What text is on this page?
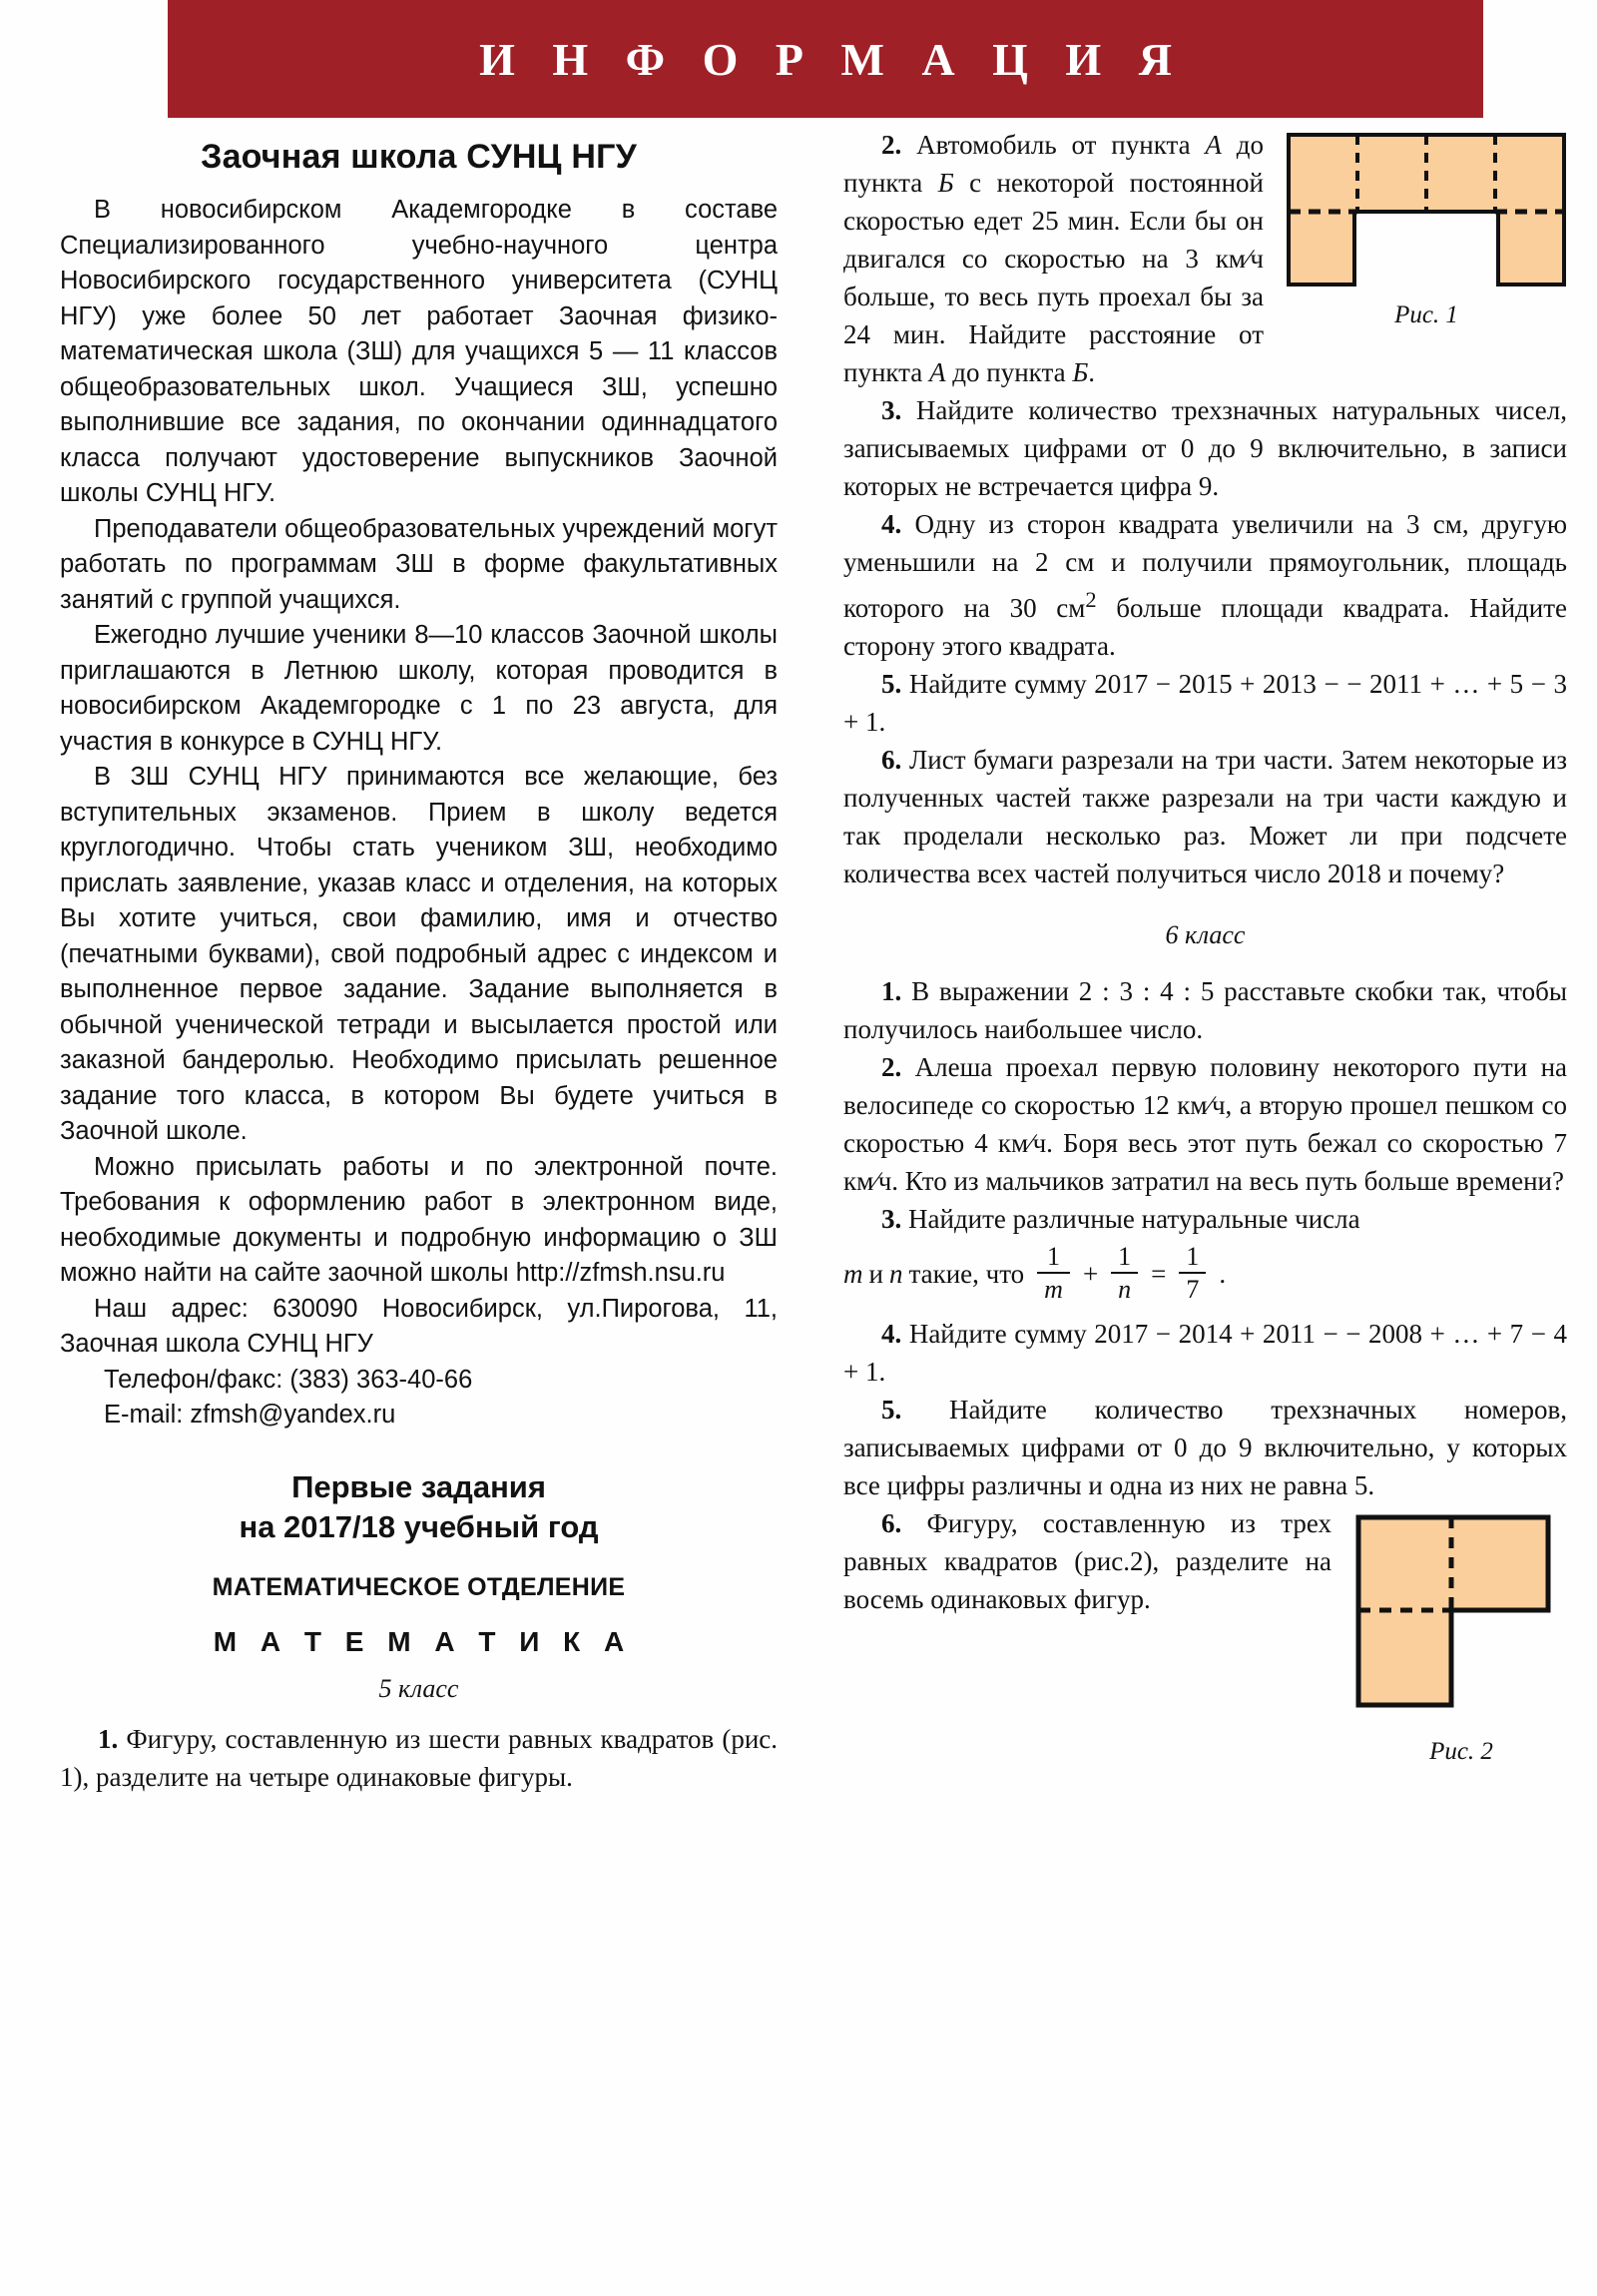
И Н Ф О Р М А Ц И Я
Заочная школа СУНЦ НГУ

В новосибирском Академгородке в составе Специализированного учебно-научного центра Новосибирского государственного университета (СУНЦ НГУ) уже более 50 лет работает Заочная физико-математическая школа (ЗШ) для учащихся 5 — 11 классов общеобразовательных школ. Учащиеся ЗШ, успешно выполнившие все задания, по окончании одиннадцатого класса получают удостоверение выпускников Заочной школы СУНЦ НГУ.

Преподаватели общеобразовательных учреждений могут работать по программам ЗШ в форме факультативных занятий с группой учащихся.

Ежегодно лучшие ученики 8—10 классов Заочной школы приглашаются в Летнюю школу, которая проводится в новосибирском Академгородке с 1 по 23 августа, для участия в конкурсе в СУНЦ НГУ.

В ЗШ СУНЦ НГУ принимаются все желающие, без вступительных экзаменов. Прием в школу ведется круглогодично. Чтобы стать учеником ЗШ, необходимо прислать заявление, указав класс и отделения, на которых Вы хотите учиться, свои фамилию, имя и отчество (печатными буквами), свой подробный адрес с индексом и выполненное первое задание. Задание выполняется в обычной ученической тетради и высылается простой или заказной бандеролью. Необходимо присылать решенное задание того класса, в котором Вы будете учиться в Заочной школе.

Можно присылать работы и по электронной почте. Требования к оформлению работ в электронном виде, необходимые документы и подробную информацию о ЗШ можно найти на сайте заочной школы http://zfmsh.nsu.ru

Наш адрес: 630090 Новосибирск, ул.Пирогова, 11, Заочная школа СУНЦ НГУ

Телефон/факс: (383) 363-40-66

E-mail: zfmsh@yandex.ru

Первые задания
на 2017/18 учебный год
МАТЕМАТИЧЕСКОЕ ОТДЕЛЕНИЕ
М А Т Е М А Т И К А
5 класс

1. Фигуру, составленную из шести равных квадратов (рис. 1), разделите на четыре одинаковые фигуры.

Рис. 1

2. Автомобиль от пункта А до пункта Б с некоторой постоянной скоростью едет 25 мин. Если бы он двигался со скоростью на 3 км∕ч больше, то весь путь проехал бы за 24 мин. Найдите расстояние от пункта А до пункта Б.

3. Найдите количество трехзначных натуральных чисел, записываемых цифрами от 0 до 9 включительно, в записи которых не встречается цифра 9.

4. Одну из сторон квадрата увеличили на 3 см, другую уменьшили на 2 см и получили прямоугольник, площадь которого на 30 $см^2$ больше площади квадрата. Найдите сторону этого квадрата.

5. Найдите сумму 2017 − 2015 + 2013 − − 2011 + … + 5 − 3 + 1.

6. Лист бумаги разрезали на три части. Затем некоторые из полученных частей также разрезали на три части каждую и так проделали несколько раз. Может ли при подсчете количества всех частей получиться число 2018 и почему?

6 класс

1. В выражении 2 : 3 : 4 : 5 расставьте скобки так, чтобы получилось наибольшее число.

2. Алеша проехал первую половину некоторого пути на велосипеде со скоростью 12 км∕ч, а вторую прошел пешком со скоростью 4 км∕ч. Боря весь этот путь бежал со скоростью 7 км∕ч. Кто из мальчиков затратил на весь путь больше времени?

3. Найдите различные натуральные числа

m и n такие, что $\frac{1}{m} + \frac{1}{n} = \frac{1}{7}$ .

4. Найдите сумму 2017 − 2014 + 2011 − − 2008 + … + 7 − 4 + 1.

5. Найдите количество трехзначных номеров, записываемых цифрами от 0 до 9 включительно, у которых все цифры различны и одна из них не равна 5.

Рис. 2

6. Фигуру, составленную из трех равных квадратов (рис.2), разделите на восемь одинаковых фигур.
